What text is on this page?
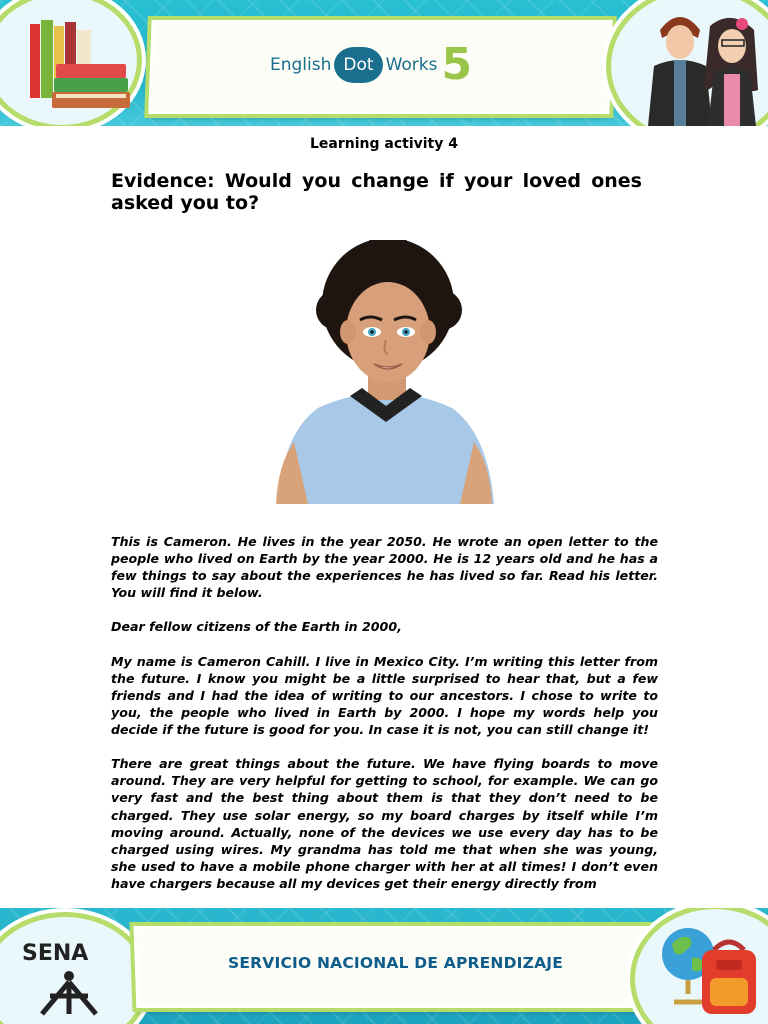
English Dot Works 5
Learning activity 4
Evidence: Would you change if your loved ones asked you to?

This is Cameron. He lives in the year 2050. He wrote an open letter to the people who lived on Earth by the year 2000. He is 12 years old and he has a few things to say about the experiences he has lived so far. Read his letter. You will find it below.

Dear fellow citizens of the Earth in 2000,

My name is Cameron Cahill. I live in Mexico City. I’m writing this letter from the future. I know you might be a little surprised to hear that, but a few friends and I had the idea of writing to our ancestors. I chose to write to you, the people who lived in Earth by 2000. I hope my words help you decide if the future is good for you. In case it is not, you can still change it!

There are great things about the future. We have flying boards to move around. They are very helpful for getting to school, for example. We can go very fast and the best thing about them is that they don’t need to be charged. They use solar energy, so my board charges by itself while I’m moving around. Actually, none of the devices we use every day has to be charged using wires. My grandma has told me that when she was young, she used to have a mobile phone charger with her at all times! I don’t even have chargers because all my devices get their energy directly from

SENA	SERVICIO NACIONAL DE APRENDIZAJE
